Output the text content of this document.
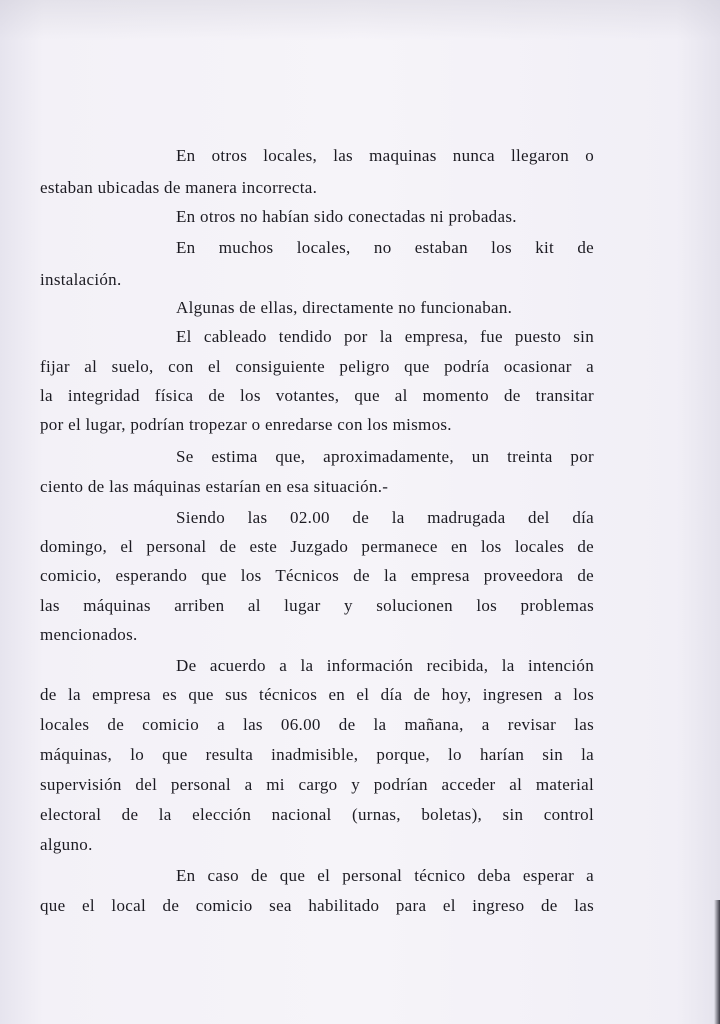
En otros locales, las maquinas nunca llegaron o
estaban ubicadas de manera incorrecta.
En otros no habían sido conectadas ni probadas.
En muchos locales, no estaban los kit de
instalación.
Algunas de ellas, directamente no funcionaban.
El cableado tendido por la empresa, fue puesto sin
fijar al suelo, con el consiguiente peligro que podría ocasionar a
la integridad física de los votantes, que al momento de transitar
por el lugar, podrían tropezar o enredarse con los mismos.
Se estima que, aproximadamente, un treinta por
ciento de las máquinas estarían en esa situación.-
Siendo las 02.00 de la madrugada del día
domingo, el personal de este Juzgado permanece en los locales de
comicio, esperando que los Técnicos de la empresa proveedora de
las máquinas arriben al lugar y solucionen los problemas
mencionados.
De acuerdo a la información recibida, la intención
de la empresa es que sus técnicos en el día de hoy, ingresen a los
locales de comicio a las 06.00 de la mañana, a revisar las
máquinas, lo que resulta inadmisible, porque, lo harían sin la
supervisión del personal a mi cargo y podrían acceder al material
electoral de la elección nacional (urnas, boletas), sin control
alguno.
En caso de que el personal técnico deba esperar a
que el local de comicio sea habilitado para el ingreso de las
